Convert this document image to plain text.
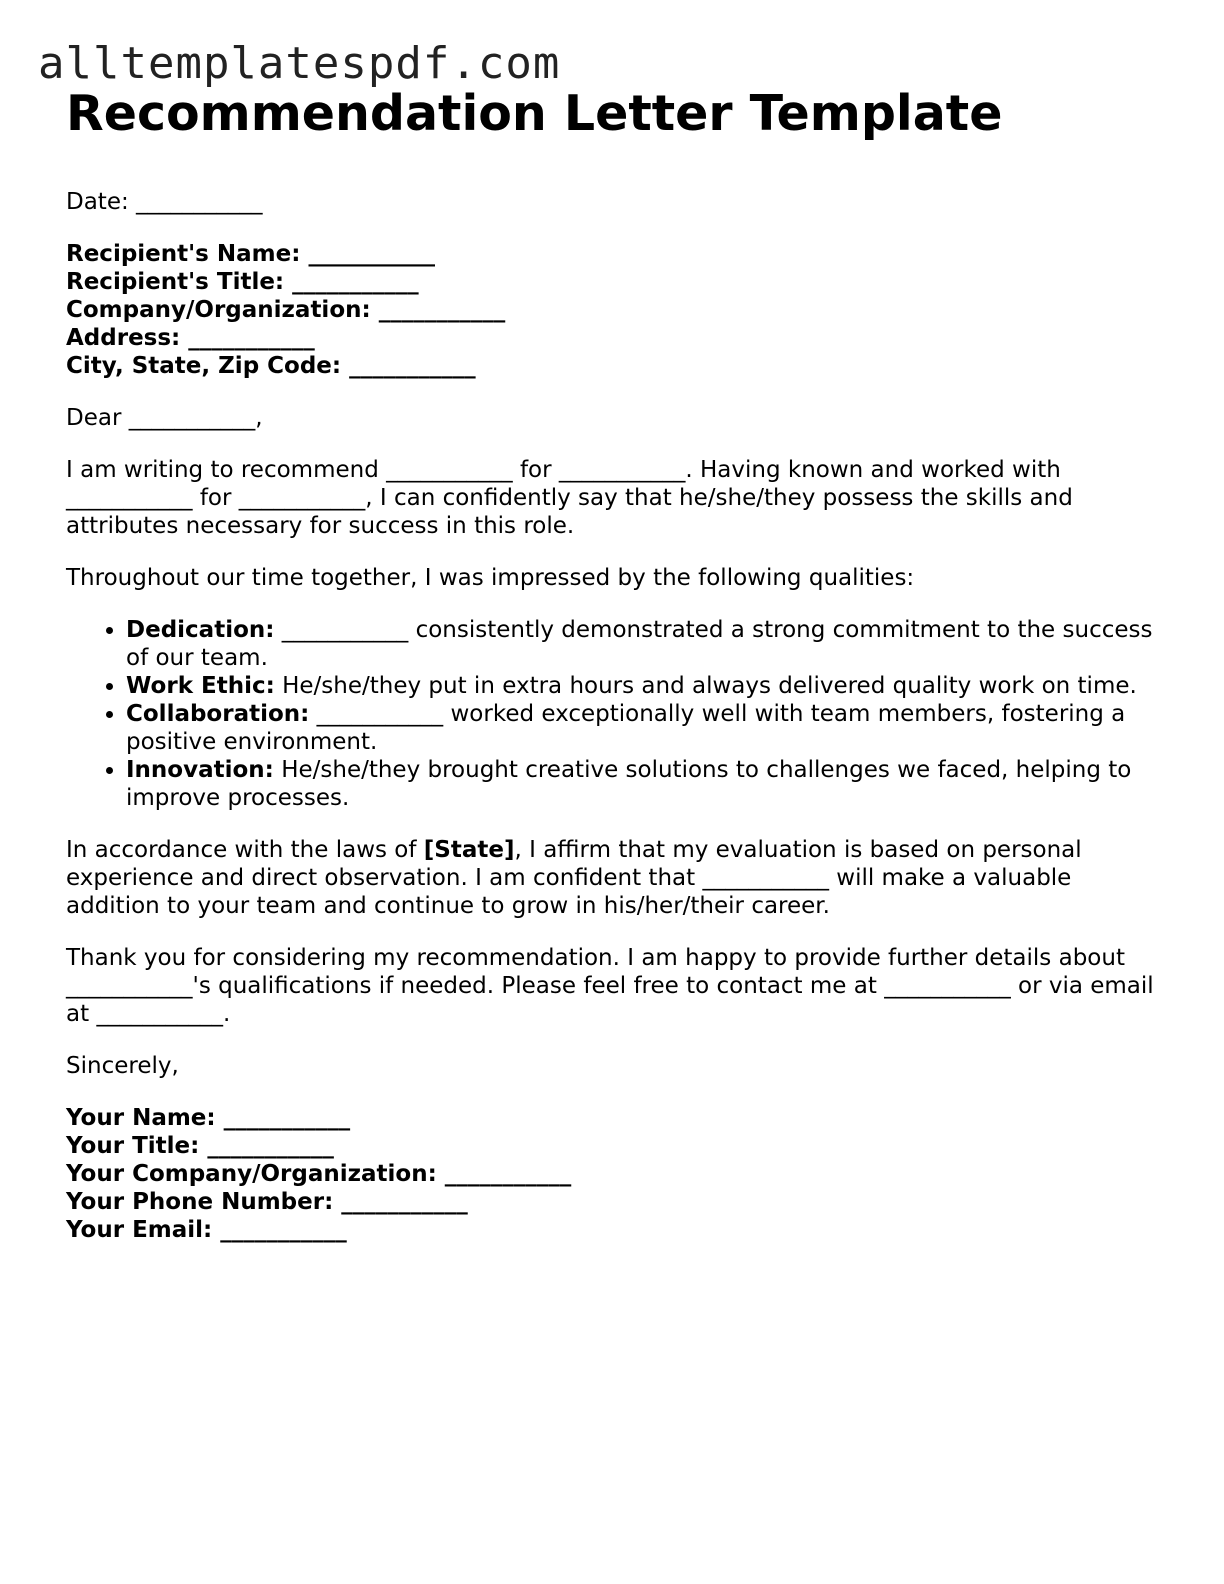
alltemplatespdf.com
Recommendation Letter Template

Date: ___________

Recipient's Name: ___________
Recipient's Title: ___________
Company/Organization: ___________
Address: ___________
City, State, Zip Code: ___________

Dear ___________,

I am writing to recommend ___________ for ___________. Having known and worked with ___________ for ___________, I can confidently say that he/she/they possess the skills and attributes necessary for success in this role.

Throughout our time together, I was impressed by the following qualities:

• Dedication: ___________ consistently demonstrated a strong commitment to the success of our team.
• Work Ethic: He/she/they put in extra hours and always delivered quality work on time.
• Collaboration: ___________ worked exceptionally well with team members, fostering a positive environment.
• Innovation: He/she/they brought creative solutions to challenges we faced, helping to improve processes.

In accordance with the laws of [State], I affirm that my evaluation is based on personal experience and direct observation. I am confident that ___________ will make a valuable addition to your team and continue to grow in his/her/their career.

Thank you for considering my recommendation. I am happy to provide further details about ___________'s qualifications if needed. Please feel free to contact me at ___________ or via email at ___________.

Sincerely,

Your Name: ___________
Your Title: ___________
Your Company/Organization: ___________
Your Phone Number: ___________
Your Email: ___________
